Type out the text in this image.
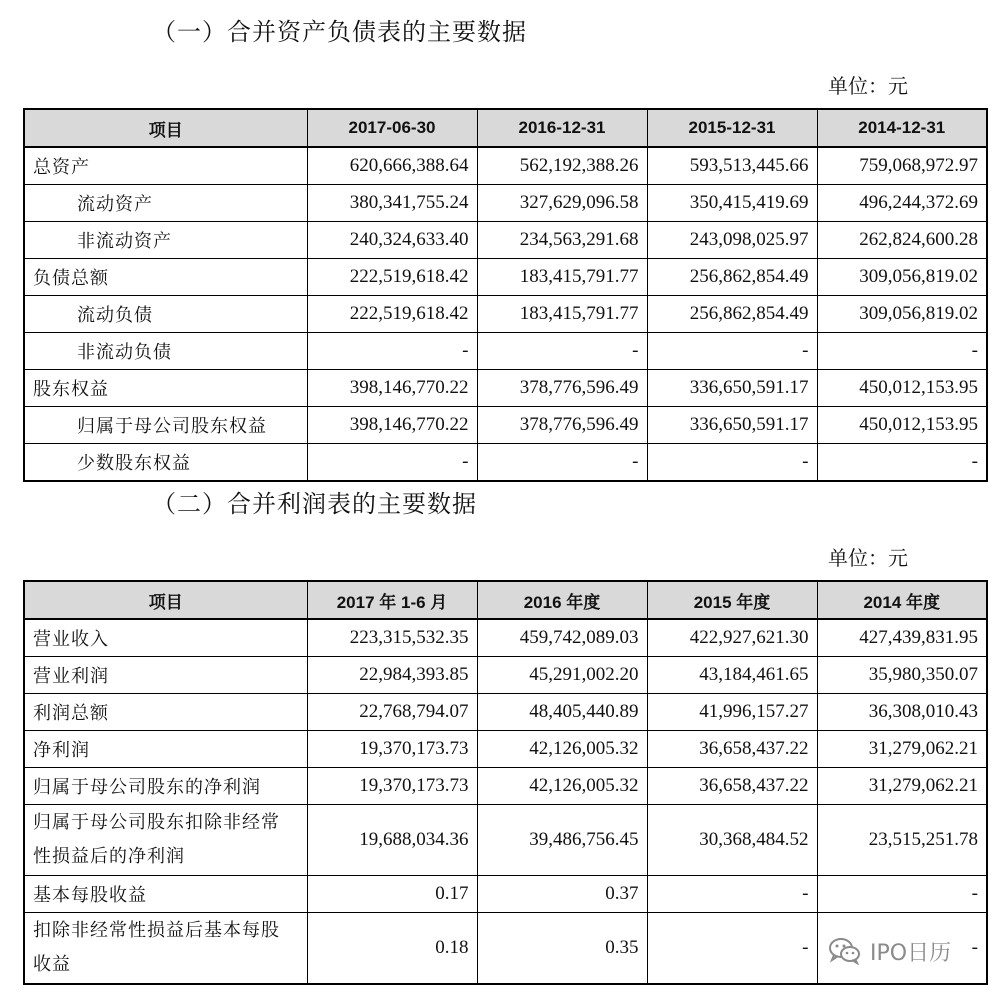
（一）合并资产负债表的主要数据
单位：元
项目	2017-06-30	2016-12-31	2015-12-31	2014-12-31
总资产	620,666,388.64	562,192,388.26	593,513,445.66	759,068,972.97
流动资产	380,341,755.24	327,629,096.58	350,415,419.69	496,244,372.69
非流动资产	240,324,633.40	234,563,291.68	243,098,025.97	262,824,600.28
负债总额	222,519,618.42	183,415,791.77	256,862,854.49	309,056,819.02
流动负债	222,519,618.42	183,415,791.77	256,862,854.49	309,056,819.02
非流动负债	-	-	-	-
股东权益	398,146,770.22	378,776,596.49	336,650,591.17	450,012,153.95
归属于母公司股东权益	398,146,770.22	378,776,596.49	336,650,591.17	450,012,153.95
少数股东权益	-	-	-	-
（二）合并利润表的主要数据
单位：元
项目	2017 年 1-6 月	2016 年度	2015 年度	2014 年度
营业收入	223,315,532.35	459,742,089.03	422,927,621.30	427,439,831.95
营业利润	22,984,393.85	45,291,002.20	43,184,461.65	35,980,350.07
利润总额	22,768,794.07	48,405,440.89	41,996,157.27	36,308,010.43
净利润	19,370,173.73	42,126,005.32	36,658,437.22	31,279,062.21
归属于母公司股东的净利润	19,370,173.73	42,126,005.32	36,658,437.22	31,279,062.21
归属于母公司股东扣除非经常性损益后的净利润	19,688,034.36	39,486,756.45	30,368,484.52	23,515,251.78
基本每股收益	0.17	0.37	-	-
扣除非经常性损益后基本每股收益	0.18	0.35	-	-
IPO日历
